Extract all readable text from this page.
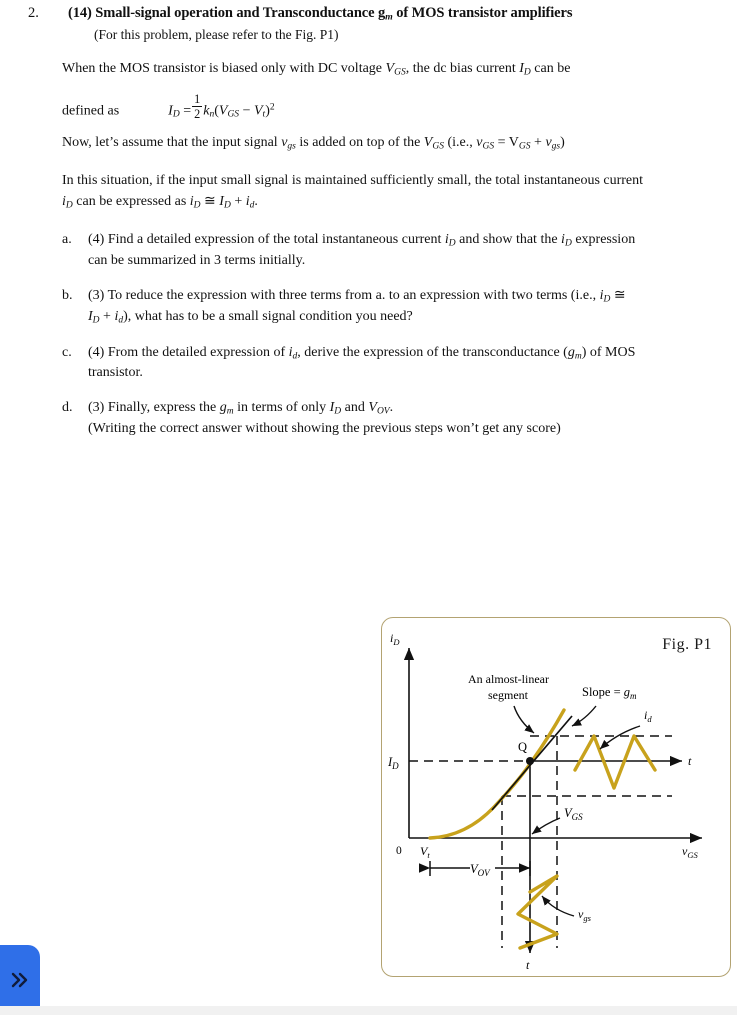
2. (14) Small-signal operation and Transconductance $g_m$ of MOS transistor amplifiers
(For this problem, please refer to the Fig. P1)
When the MOS transistor is biased only with DC voltage $V_{GS}$, the dc bias current $I_D$ can be
defined as	$I_D = \frac{1}{2} k_n(V_{GS} - V_t)^2$
Now, let’s assume that the input signal $v_{gs}$ is added on top of the $V_{GS}$ (i.e., $v_{GS} = V_{GS} + v_{gs}$)
In this situation, if the input small signal is maintained sufficiently small, the total instantaneous current
$i_D$ can be expressed as $i_D$ ≅ $I_D + i_d$.
a. (4) Find a detailed expression of the total instantaneous current $i_D$ and show that the $i_D$ expression
can be summarized in 3 terms initially.
b. (3) To reduce the expression with three terms from a. to an expression with two terms (i.e., $i_D$ ≅
$I_D + i_d$), what has to be a small signal condition you need?
c. (4) From the detailed expression of $i_d$, derive the expression of the transconductance $(g_m)$ of MOS
transistor.
d. (3) Finally, express the $g_m$ in terms of only $I_D$ and $V_{OV}$.
(Writing the correct answer without showing the previous steps won’t get any score)
$i_D$
$v_{GS}$
0 $V_t$
$I_D$	t
t
Q
An almost-linear
segment	Slope = $g_m$
$i_d$
$V_{GS}$
$V_{OV}$
$v_{gs}$
Fig. P1
